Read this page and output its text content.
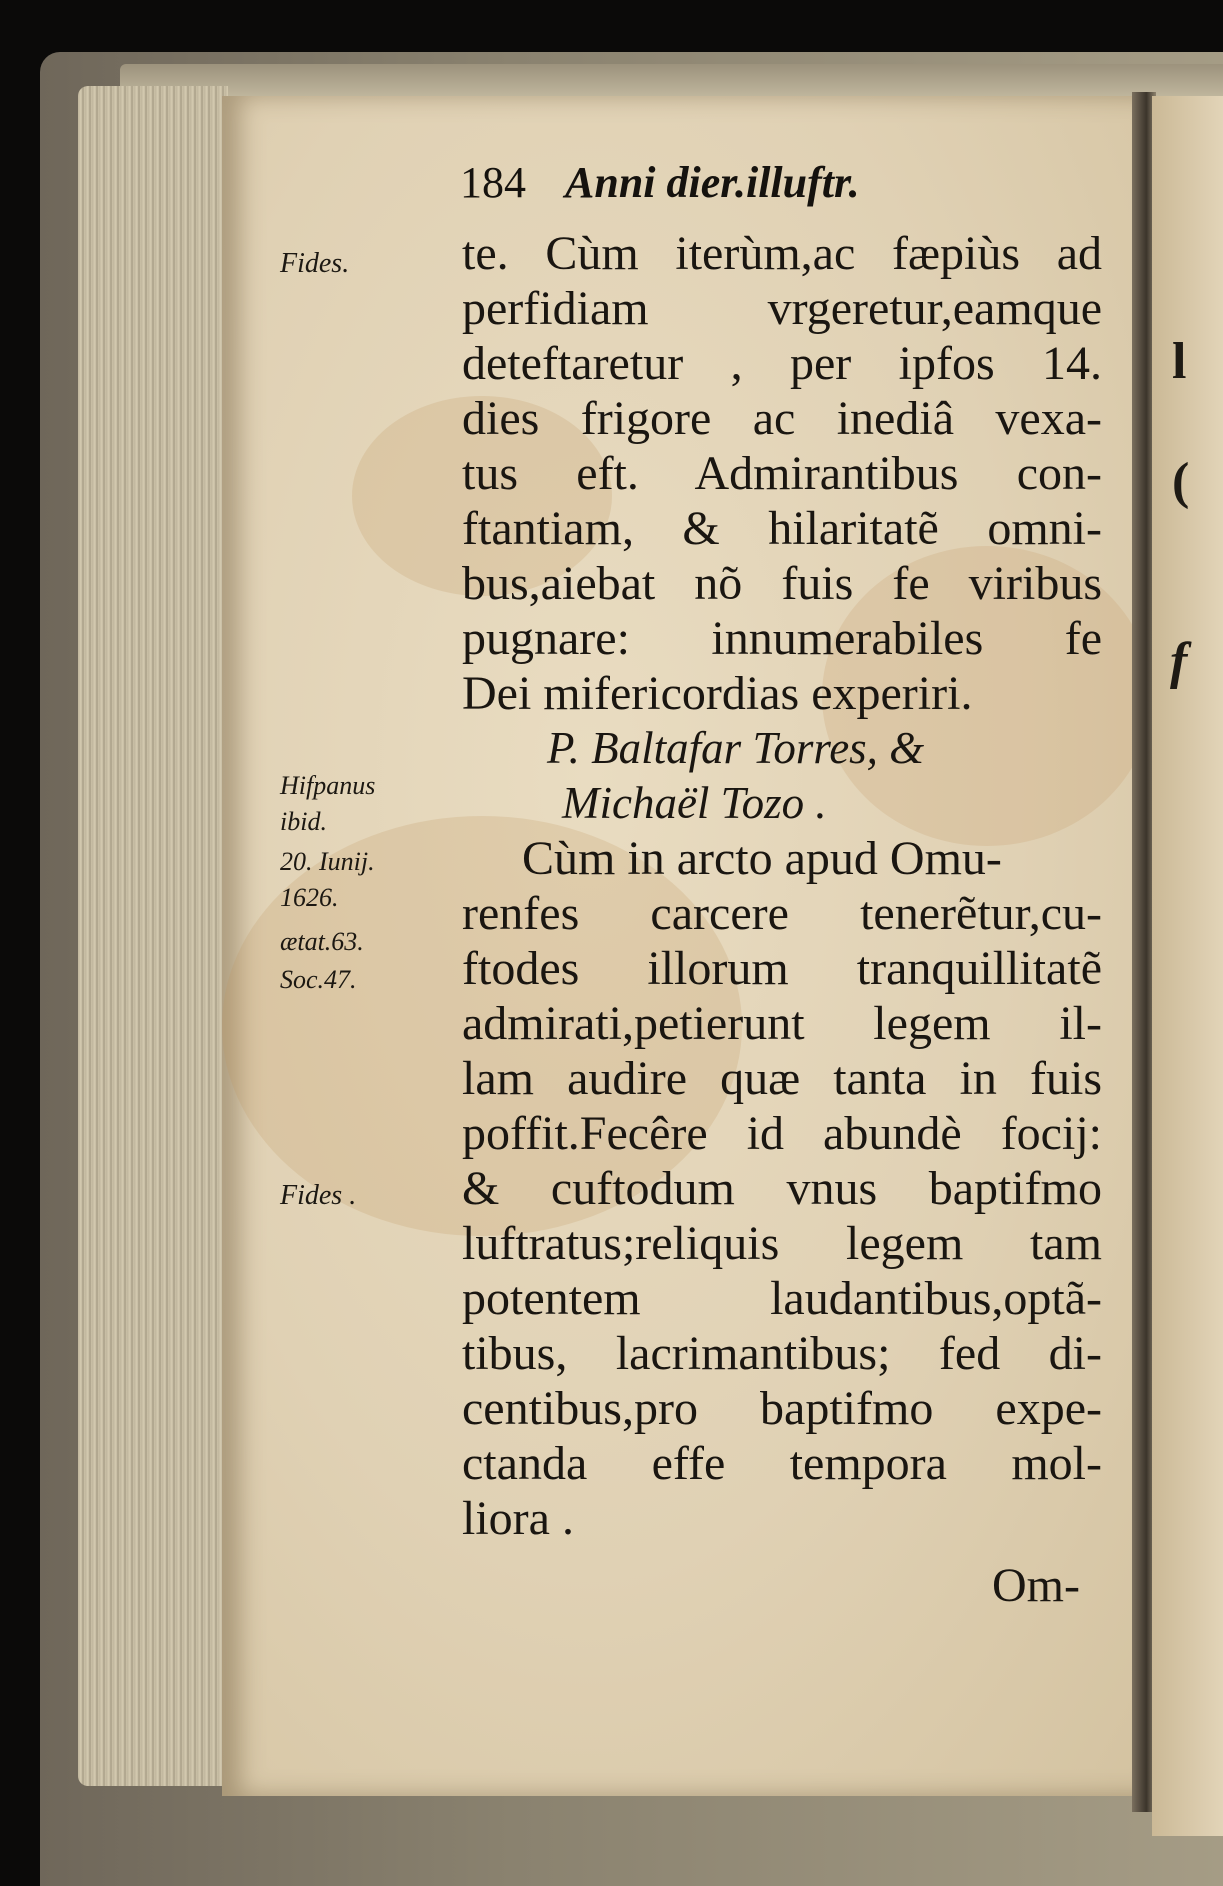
l
(
f
184 Anni dier.illuftr.
Fides.
Hifpanus
ibid.
20. Iunij.
1626.
ætat.63.
Soc.47.
Fides .
te. Cùm iterùm,ac fæpiùs ad
perfidiam vrgeretur,eamque
deteftaretur , per ipfos 14.
dies frigore ac inediâ vexa-
tus eft. Admirantibus con-
ftantiam, & hilaritatẽ omni-
bus,aiebat nõ fuis fe viribus
pugnare: innumerabiles fe
Dei mifericordias experiri.
P. Baltafar Torres, &
Michaël Tozo .
Cùm in arcto apud Omu-
renfes carcere tenerẽtur,cu-
ftodes illorum tranquillitatẽ
admirati,petierunt legem il-
lam audire quæ tanta in fuis
poffit.Fecêre id abundè focij:
& cuftodum vnus baptifmo
luftratus;reliquis legem tam
potentem laudantibus,optã-
tibus, lacrimantibus; fed di-
centibus,pro baptifmo expe-
ctanda effe tempora mol-
liora .
Om-
